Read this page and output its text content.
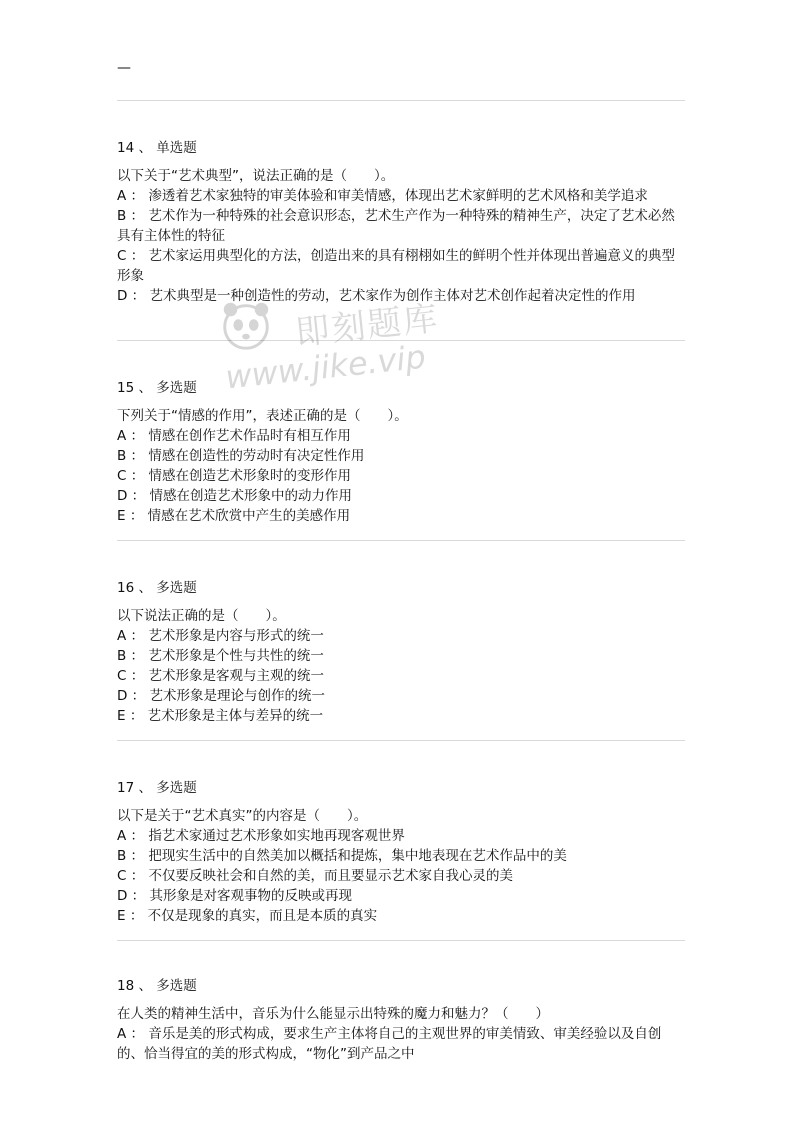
—
14 、 单选题
以下关于“艺术典型”，说法正确的是（　　）。
A ： 渗透着艺术家独特的审美体验和审美情感，体现出艺术家鲜明的艺术风格和美学追求
B ： 艺术作为一种特殊的社会意识形态，艺术生产作为一种特殊的精神生产，决定了艺术必然具有主体性的特征
C ： 艺术家运用典型化的方法，创造出来的具有栩栩如生的鲜明个性并体现出普遍意义的典型形象
D ： 艺术典型是一种创造性的劳动，艺术家作为创作主体对艺术创作起着决定性的作用
15 、 多选题
下列关于“情感的作用”，表述正确的是（　　）。
A ： 情感在创作艺术作品时有相互作用
B ： 情感在创造性的劳动时有决定性作用
C ： 情感在创造艺术形象时的变形作用
D ： 情感在创造艺术形象中的动力作用
E ： 情感在艺术欣赏中产生的美感作用
16 、 多选题
以下说法正确的是（　　）。
A ： 艺术形象是内容与形式的统一
B ： 艺术形象是个性与共性的统一
C ： 艺术形象是客观与主观的统一
D ： 艺术形象是理论与创作的统一
E ： 艺术形象是主体与差异的统一
17 、 多选题
以下是关于“艺术真实”的内容是（　　）。
A ： 指艺术家通过艺术形象如实地再现客观世界
B ： 把现实生活中的自然美加以概括和提炼，集中地表现在艺术作品中的美
C ： 不仅要反映社会和自然的美，而且要显示艺术家自我心灵的美
D ： 其形象是对客观事物的反映或再现
E ： 不仅是现象的真实，而且是本质的真实
18 、 多选题
在人类的精神生活中，音乐为什么能显示出特殊的魔力和魅力？（　　）
A ： 音乐是美的形式构成，要求生产主体将自己的主观世界的审美情致、审美经验以及自创的、恰当得宜的美的形式构成，“物化”到产品之中
即刻题库
www.jike.vip
